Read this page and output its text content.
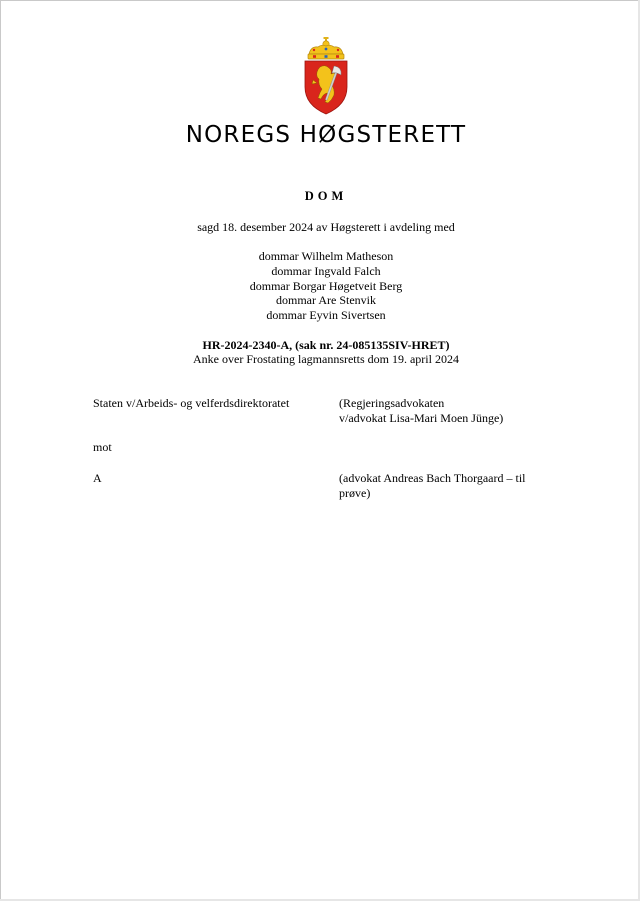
NOREGS HØGSTERETT
DOM
sagd 18. desember 2024 av Høgsterett i avdeling med
dommar Wilhelm Matheson
dommar Ingvald Falch
dommar Borgar Høgetveit Berg
dommar Are Stenvik
dommar Eyvin Sivertsen
HR-2024-2340-A, (sak nr. 24-085135SIV-HRET)
Anke over Frostating lagmannsretts dom 19. april 2024
Staten v/Arbeids- og velferdsdirektoratet	(Regjeringsadvokaten
v/advokat Lisa-Mari Moen Jünge)
mot
A	(advokat Andreas Bach Thorgaard – til
prøve)
